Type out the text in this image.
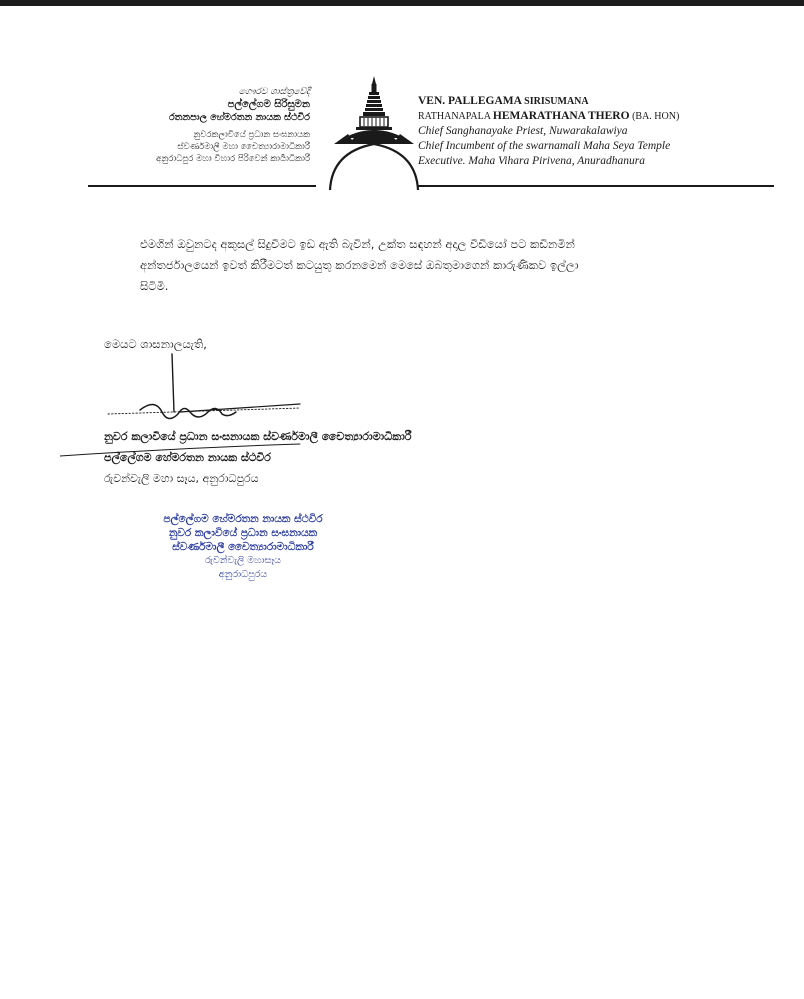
ගෞරව ශාස්ත්‍රවේදී
පල්ලේගම සිරිසුමන
රතනපාල හේමරතන නායක ස්ථවිර
නුවරකලාවියේ ප්‍රධාන සංඝනායක
ස්වර්ණමාලී මහා චෛත්‍යාරාමාධිකාරී
අනුරාධපුර මහා විහාර පිරිවෙන් කාර්‍යාධිකාරී
VEN. PALLEGAMA SIRISUMANA
RATHANAPALA HEMARATHANA THERO (BA. HON)
Chief Sanghanayake Priest, Nuwarakalawiya
Chief Incumbent of the swarnamali Maha Seya Temple
Executive. Maha Vihara Pirivena, Anuradhanura
එමගින් ඔවුනටද අකුසල් සිදුවීමට ඉඩ ඇති බැවින්, උක්ත සඳහන් අදාල වීඩියෝ පට කඩිනමින්
අන්තර්ජාලයෙන් ඉවත් කිරීමටත් කටයුතු කරනමෙන් මෙසේ ඔබතුමාගෙන් කාරුණිකව ඉල්ලා
සිටිමි.
මෙයට ශාසනාලයැති,
නුවර කලාවියේ ප්‍රධාන සංඝනායක ස්වර්ණමාලී චෛත්‍යාරාමාධිකාරී
පල්ලේගම හේමරතන නායක ස්ථවිර
රුවන්වැලි මහා සෑය, අනුරාධපුරය
පල්ලේගම හේමරතන නායක ස්ථවිර
නුවර කලාවියේ ප්‍රධාන සංඝනායක
ස්වර්ණමාලී චෛත්‍යාරාමාධිකාරී
රුවන්වැලි මහාසෑය
අනුරාධපුරය
